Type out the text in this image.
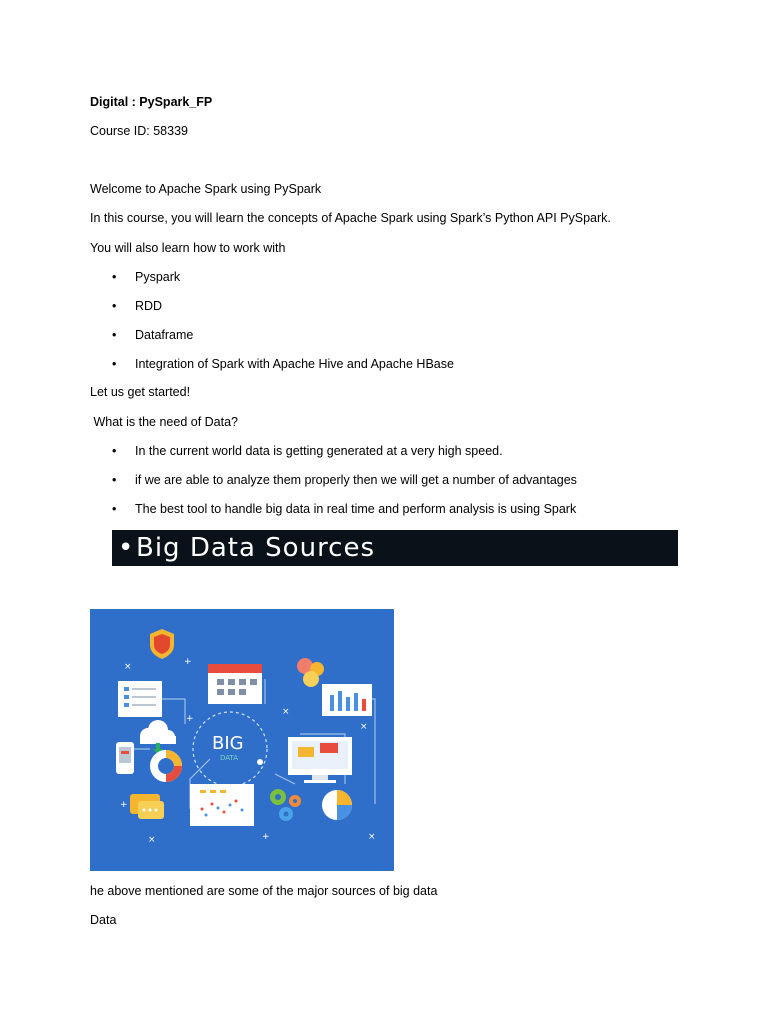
Digital : PySpark_FP
Course ID: 58339
Welcome to Apache Spark using PySpark
In this course, you will learn the concepts of Apache Spark using Spark’s Python API PySpark.
You will also learn how to work with
• Pyspark
• RDD
• Dataframe
• Integration of Spark with Apache Hive and Apache HBase
Let us get started!
What is the need of Data?
• In the current world data is getting generated at a very high speed.
• if we are able to analyze them properly then we will get a number of advantages
• The best tool to handle big data in real time and perform analysis is using Spark
•Big Data Sources
BIG
DATA
×	+
×
+
×
+
×
+
×
he above mentioned are some of the major sources of big data
Data
